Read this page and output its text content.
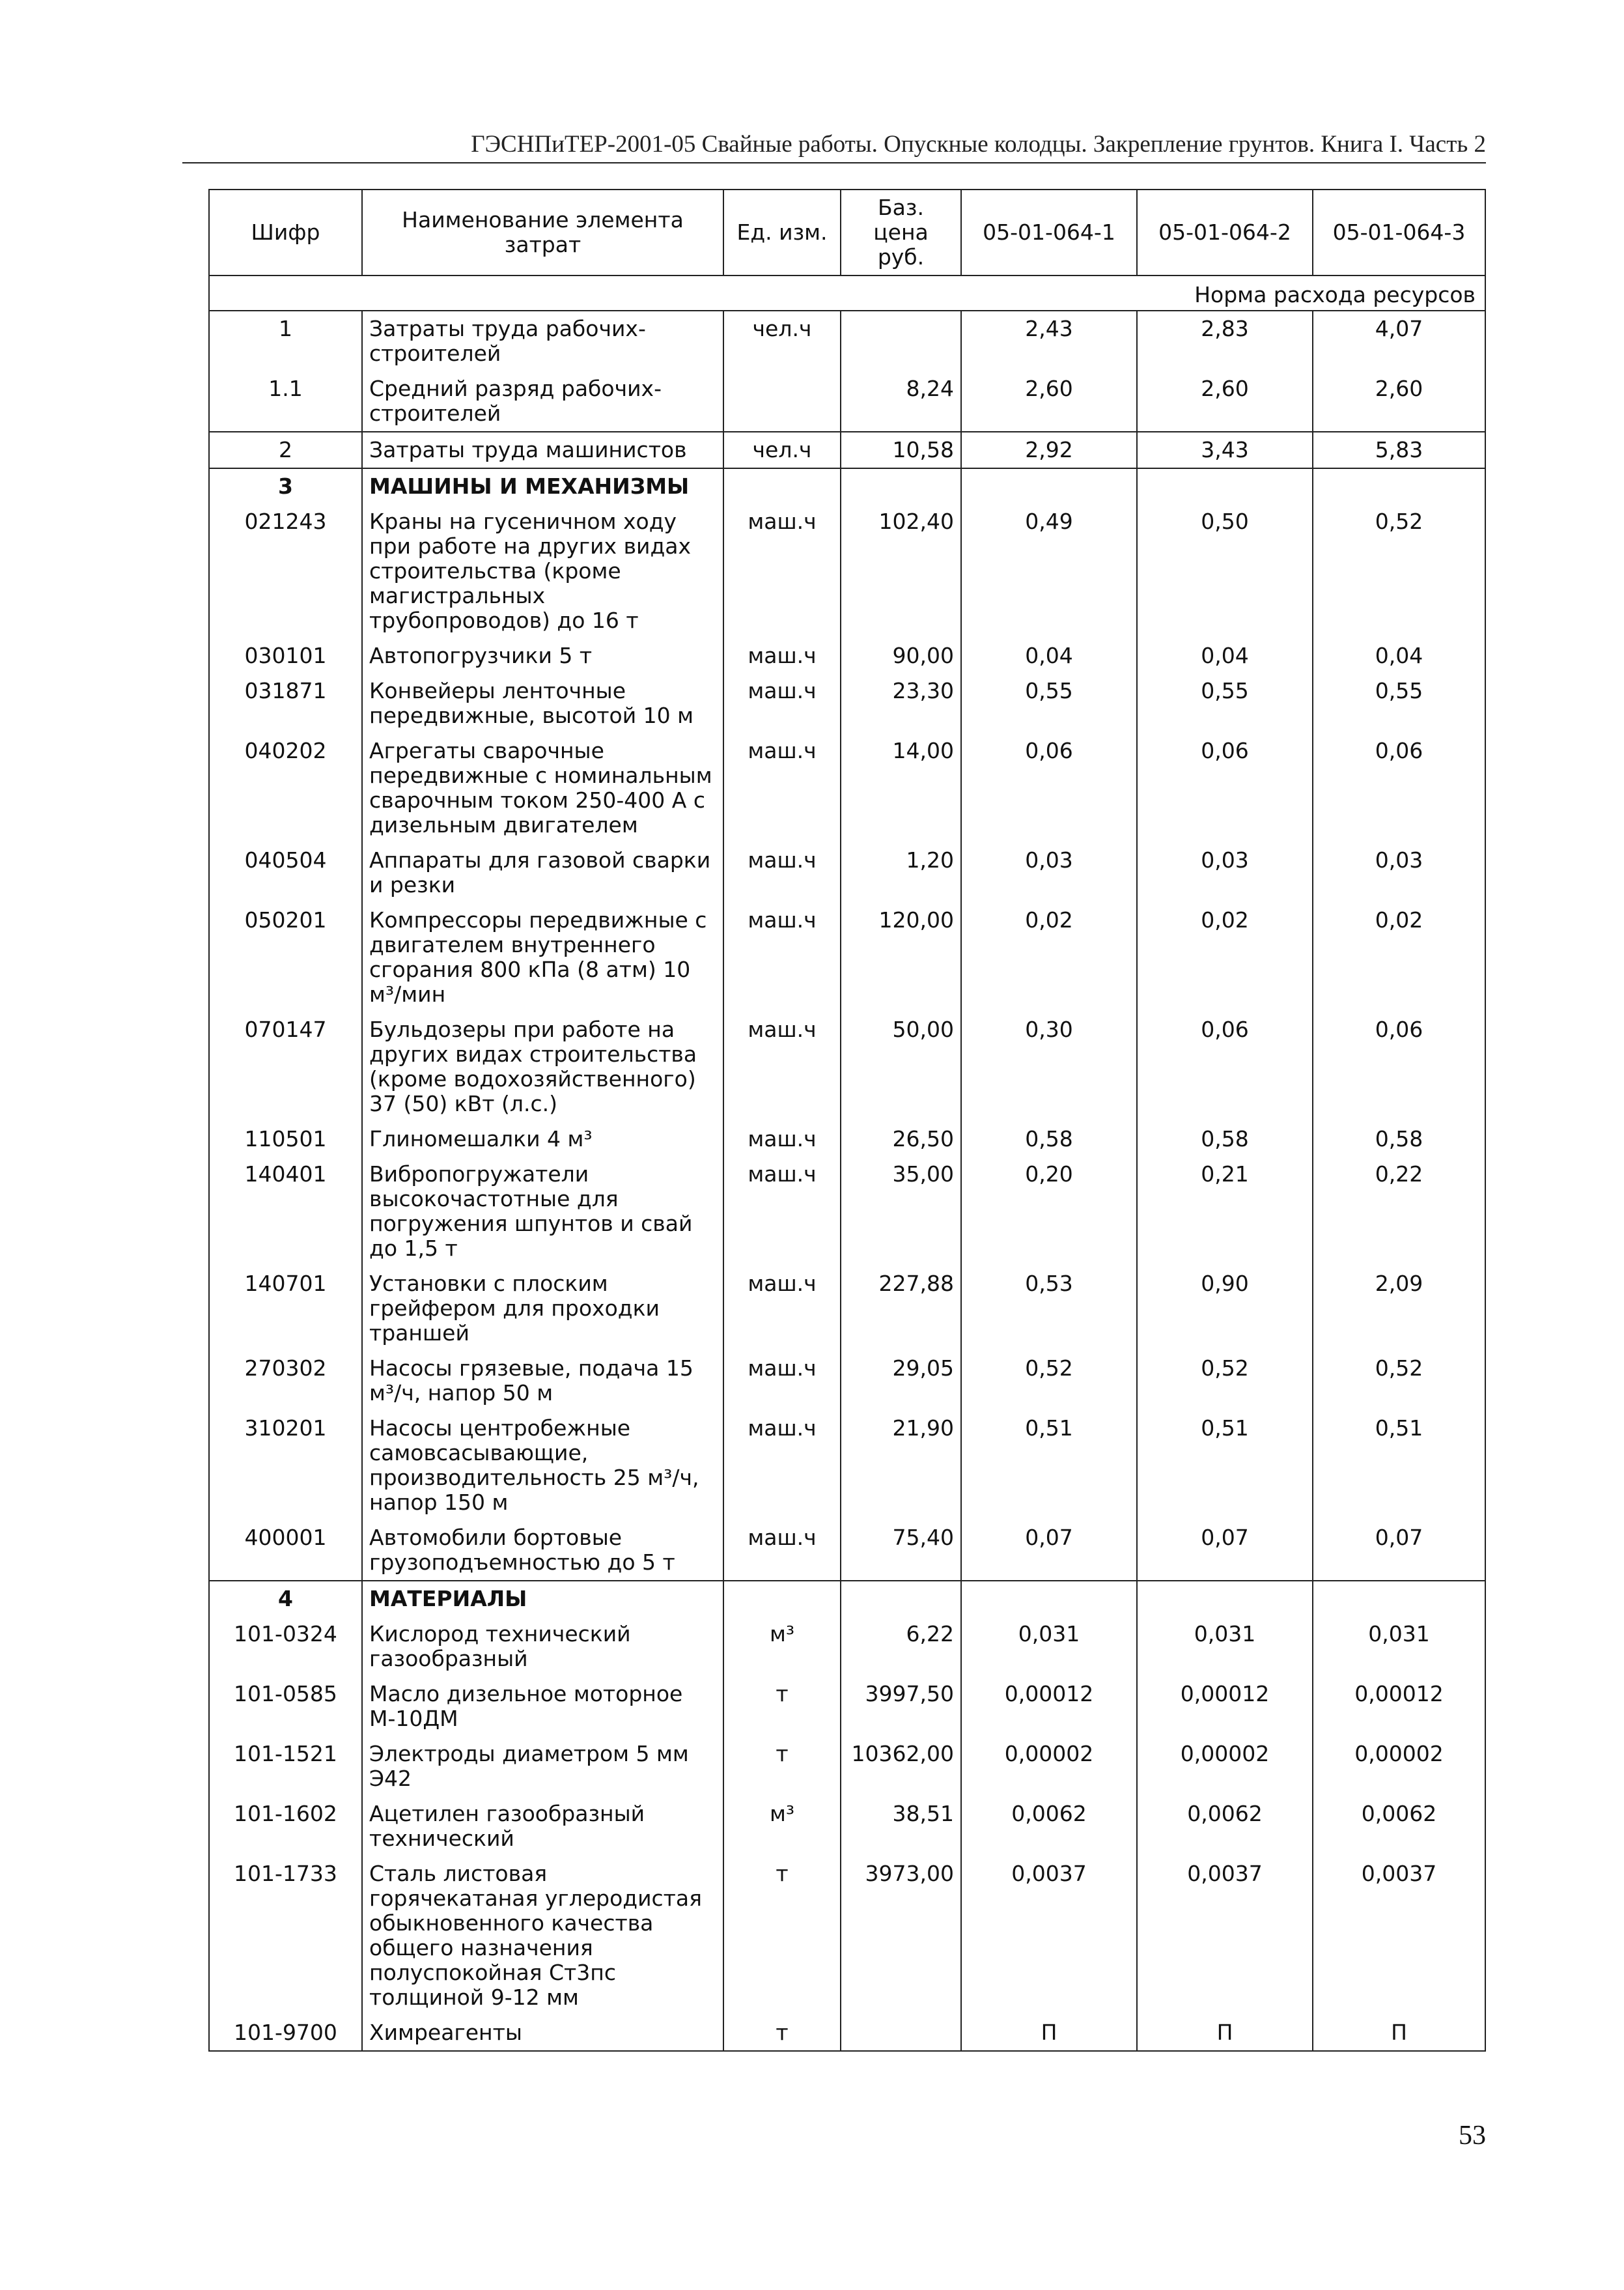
ГЭСНПиТЕР-2001-05 Свайные работы. Опускные колодцы. Закрепление грунтов. Книга I. Часть 2
Шифр	Наименование элемента затрат	Ед. изм.	Баз. цена руб.	05-01-064-1	05-01-064-2	05-01-064-3
Норма расхода ресурсов						
1	Затраты труда рабочих-строителей	чел.ч		2,43	2,83	4,07
1.1	Средний разряд рабочих-строителей		8,24	2,60	2,60	2,60
2	Затраты труда машинистов	чел.ч	10,58	2,92	3,43	5,83
3	МАШИНЫ И МЕХАНИЗМЫ					
021243	Краны на гусеничном ходу при работе на других видах строительства (кроме магистральных трубопроводов) до 16 т	маш.ч	102,40	0,49	0,50	0,52
030101	Автопогрузчики 5 т	маш.ч	90,00	0,04	0,04	0,04
031871	Конвейеры ленточные передвижные, высотой 10 м	маш.ч	23,30	0,55	0,55	0,55
040202	Агрегаты сварочные передвижные с номинальным сварочным током 250-400 А с дизельным двигателем	маш.ч	14,00	0,06	0,06	0,06
040504	Аппараты для газовой сварки и резки	маш.ч	1,20	0,03	0,03	0,03
050201	Компрессоры передвижные с двигателем внутреннего сгорания 800 кПа (8 атм) 10 м³/мин	маш.ч	120,00	0,02	0,02	0,02
070147	Бульдозеры при работе на других видах строительства (кроме водохозяйственного) 37 (50) кВт (л.с.)	маш.ч	50,00	0,30	0,06	0,06
110501	Глиномешалки 4 м³	маш.ч	26,50	0,58	0,58	0,58
140401	Вибропогружатели высокочастотные для погружения шпунтов и свай до 1,5 т	маш.ч	35,00	0,20	0,21	0,22
140701	Установки с плоским грейфером для проходки траншей	маш.ч	227,88	0,53	0,90	2,09
270302	Насосы грязевые, подача 15 м³/ч, напор 50 м	маш.ч	29,05	0,52	0,52	0,52
310201	Насосы центробежные самовсасывающие, производительность 25 м³/ч, напор 150 м	маш.ч	21,90	0,51	0,51	0,51
400001	Автомобили бортовые грузоподъемностью до 5 т	маш.ч	75,40	0,07	0,07	0,07
4	МАТЕРИАЛЫ					
101-0324	Кислород технический газообразный	м³	6,22	0,031	0,031	0,031
101-0585	Масло дизельное моторное М-10ДМ	т	3997,50	0,00012	0,00012	0,00012
101-1521	Электроды диаметром 5 мм Э42	т	10362,00	0,00002	0,00002	0,00002
101-1602	Ацетилен газообразный технический	м³	38,51	0,0062	0,0062	0,0062
101-1733	Сталь листовая горячекатаная углеродистая обыкновенного качества общего назначения полуспокойная Ст3пс толщиной 9-12 мм	т	3973,00	0,0037	0,0037	0,0037
101-9700	Химреагенты	т		П	П	П
53
